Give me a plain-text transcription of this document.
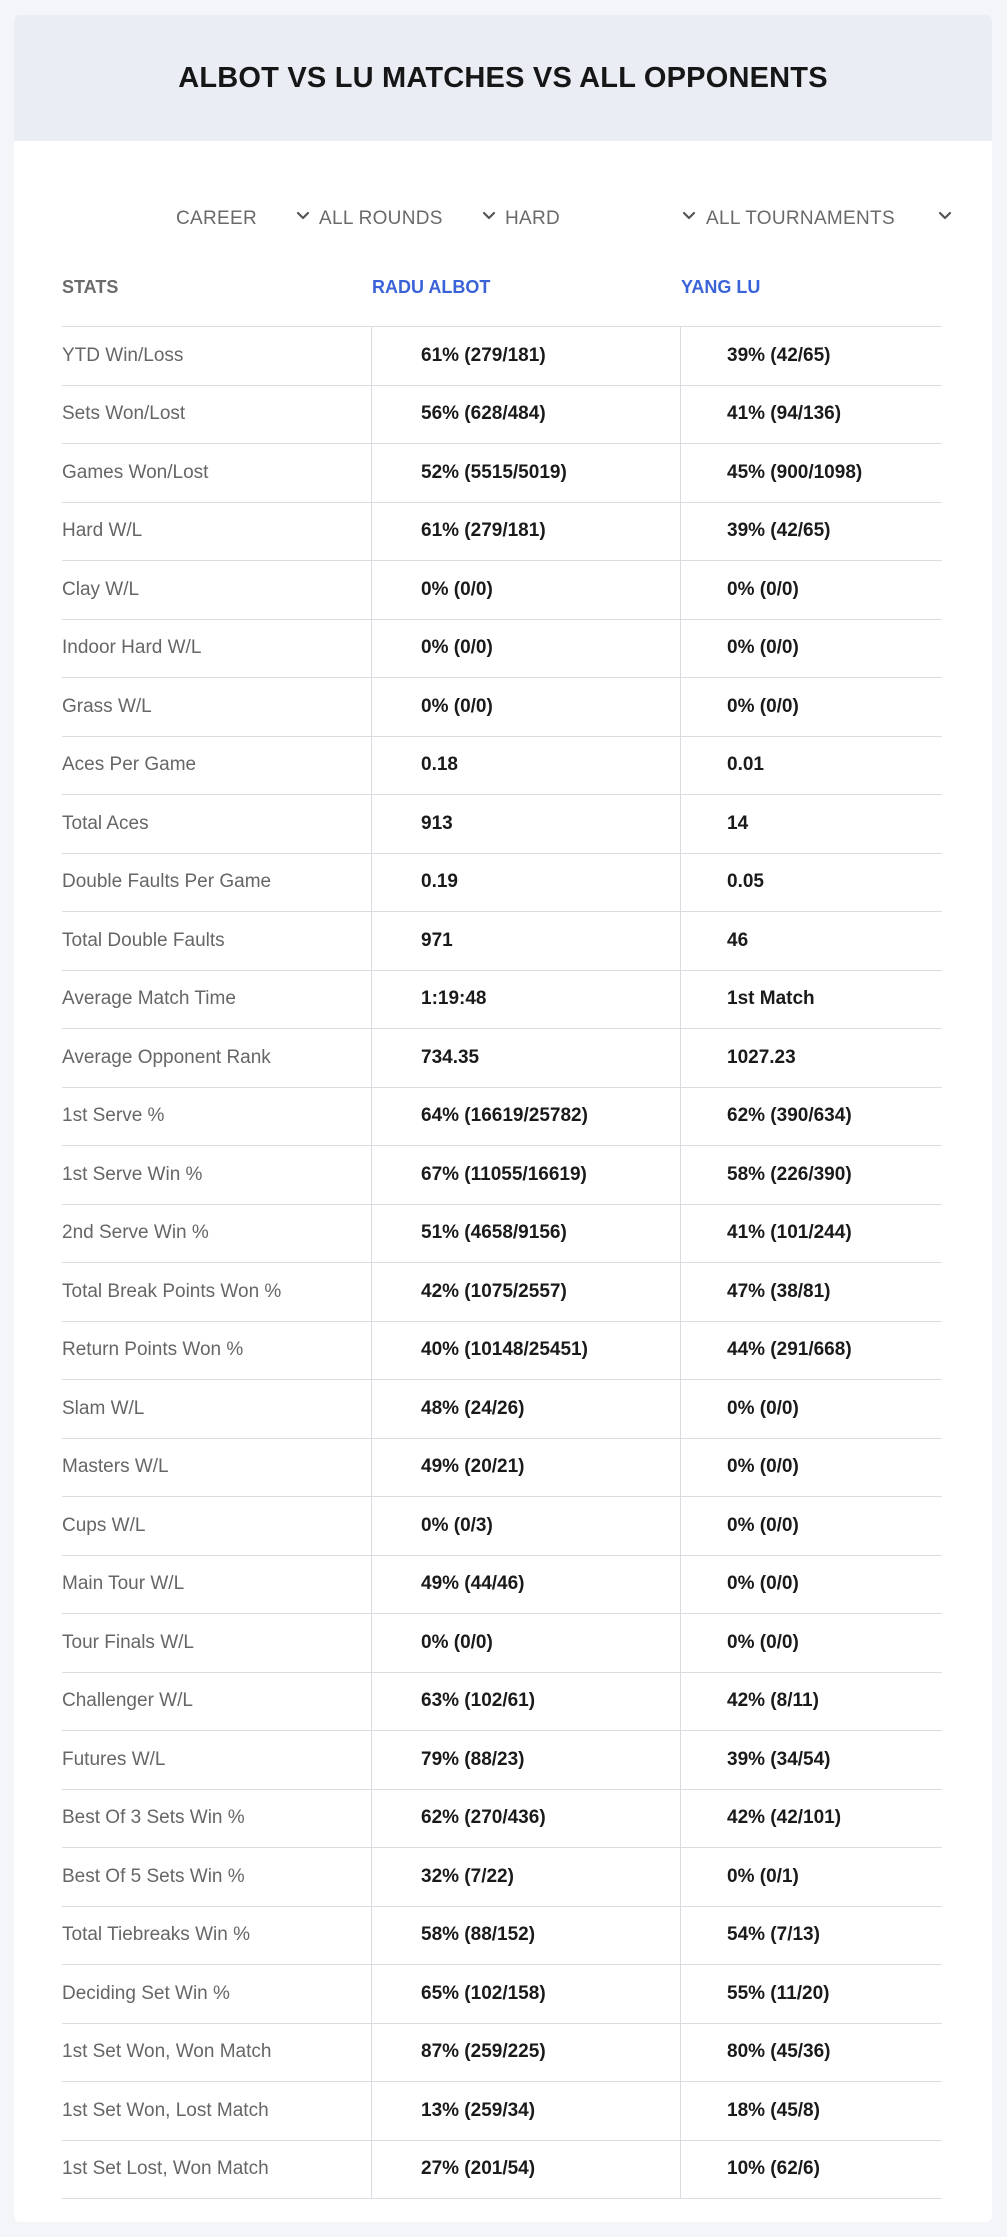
ALBOT VS LU MATCHES VS ALL OPPONENTS
CAREER	ALL ROUNDS	HARD	ALL TOURNAMENTS
STATS	RADU ALBOT	YANG LU
YTD Win/Loss	61% (279/181)	39% (42/65)
Sets Won/Lost	56% (628/484)	41% (94/136)
Games Won/Lost	52% (5515/5019)	45% (900/1098)
Hard W/L	61% (279/181)	39% (42/65)
Clay W/L	0% (0/0)	0% (0/0)
Indoor Hard W/L	0% (0/0)	0% (0/0)
Grass W/L	0% (0/0)	0% (0/0)
Aces Per Game	0.18	0.01
Total Aces	913	14
Double Faults Per Game	0.19	0.05
Total Double Faults	971	46
Average Match Time	1:19:48	1st Match
Average Opponent Rank	734.35	1027.23
1st Serve %	64% (16619/25782)	62% (390/634)
1st Serve Win %	67% (11055/16619)	58% (226/390)
2nd Serve Win %	51% (4658/9156)	41% (101/244)
Total Break Points Won %	42% (1075/2557)	47% (38/81)
Return Points Won %	40% (10148/25451)	44% (291/668)
Slam W/L	48% (24/26)	0% (0/0)
Masters W/L	49% (20/21)	0% (0/0)
Cups W/L	0% (0/3)	0% (0/0)
Main Tour W/L	49% (44/46)	0% (0/0)
Tour Finals W/L	0% (0/0)	0% (0/0)
Challenger W/L	63% (102/61)	42% (8/11)
Futures W/L	79% (88/23)	39% (34/54)
Best Of 3 Sets Win %	62% (270/436)	42% (42/101)
Best Of 5 Sets Win %	32% (7/22)	0% (0/1)
Total Tiebreaks Win %	58% (88/152)	54% (7/13)
Deciding Set Win %	65% (102/158)	55% (11/20)
1st Set Won, Won Match	87% (259/225)	80% (45/36)
1st Set Won, Lost Match	13% (259/34)	18% (45/8)
1st Set Lost, Won Match	27% (201/54)	10% (62/6)
